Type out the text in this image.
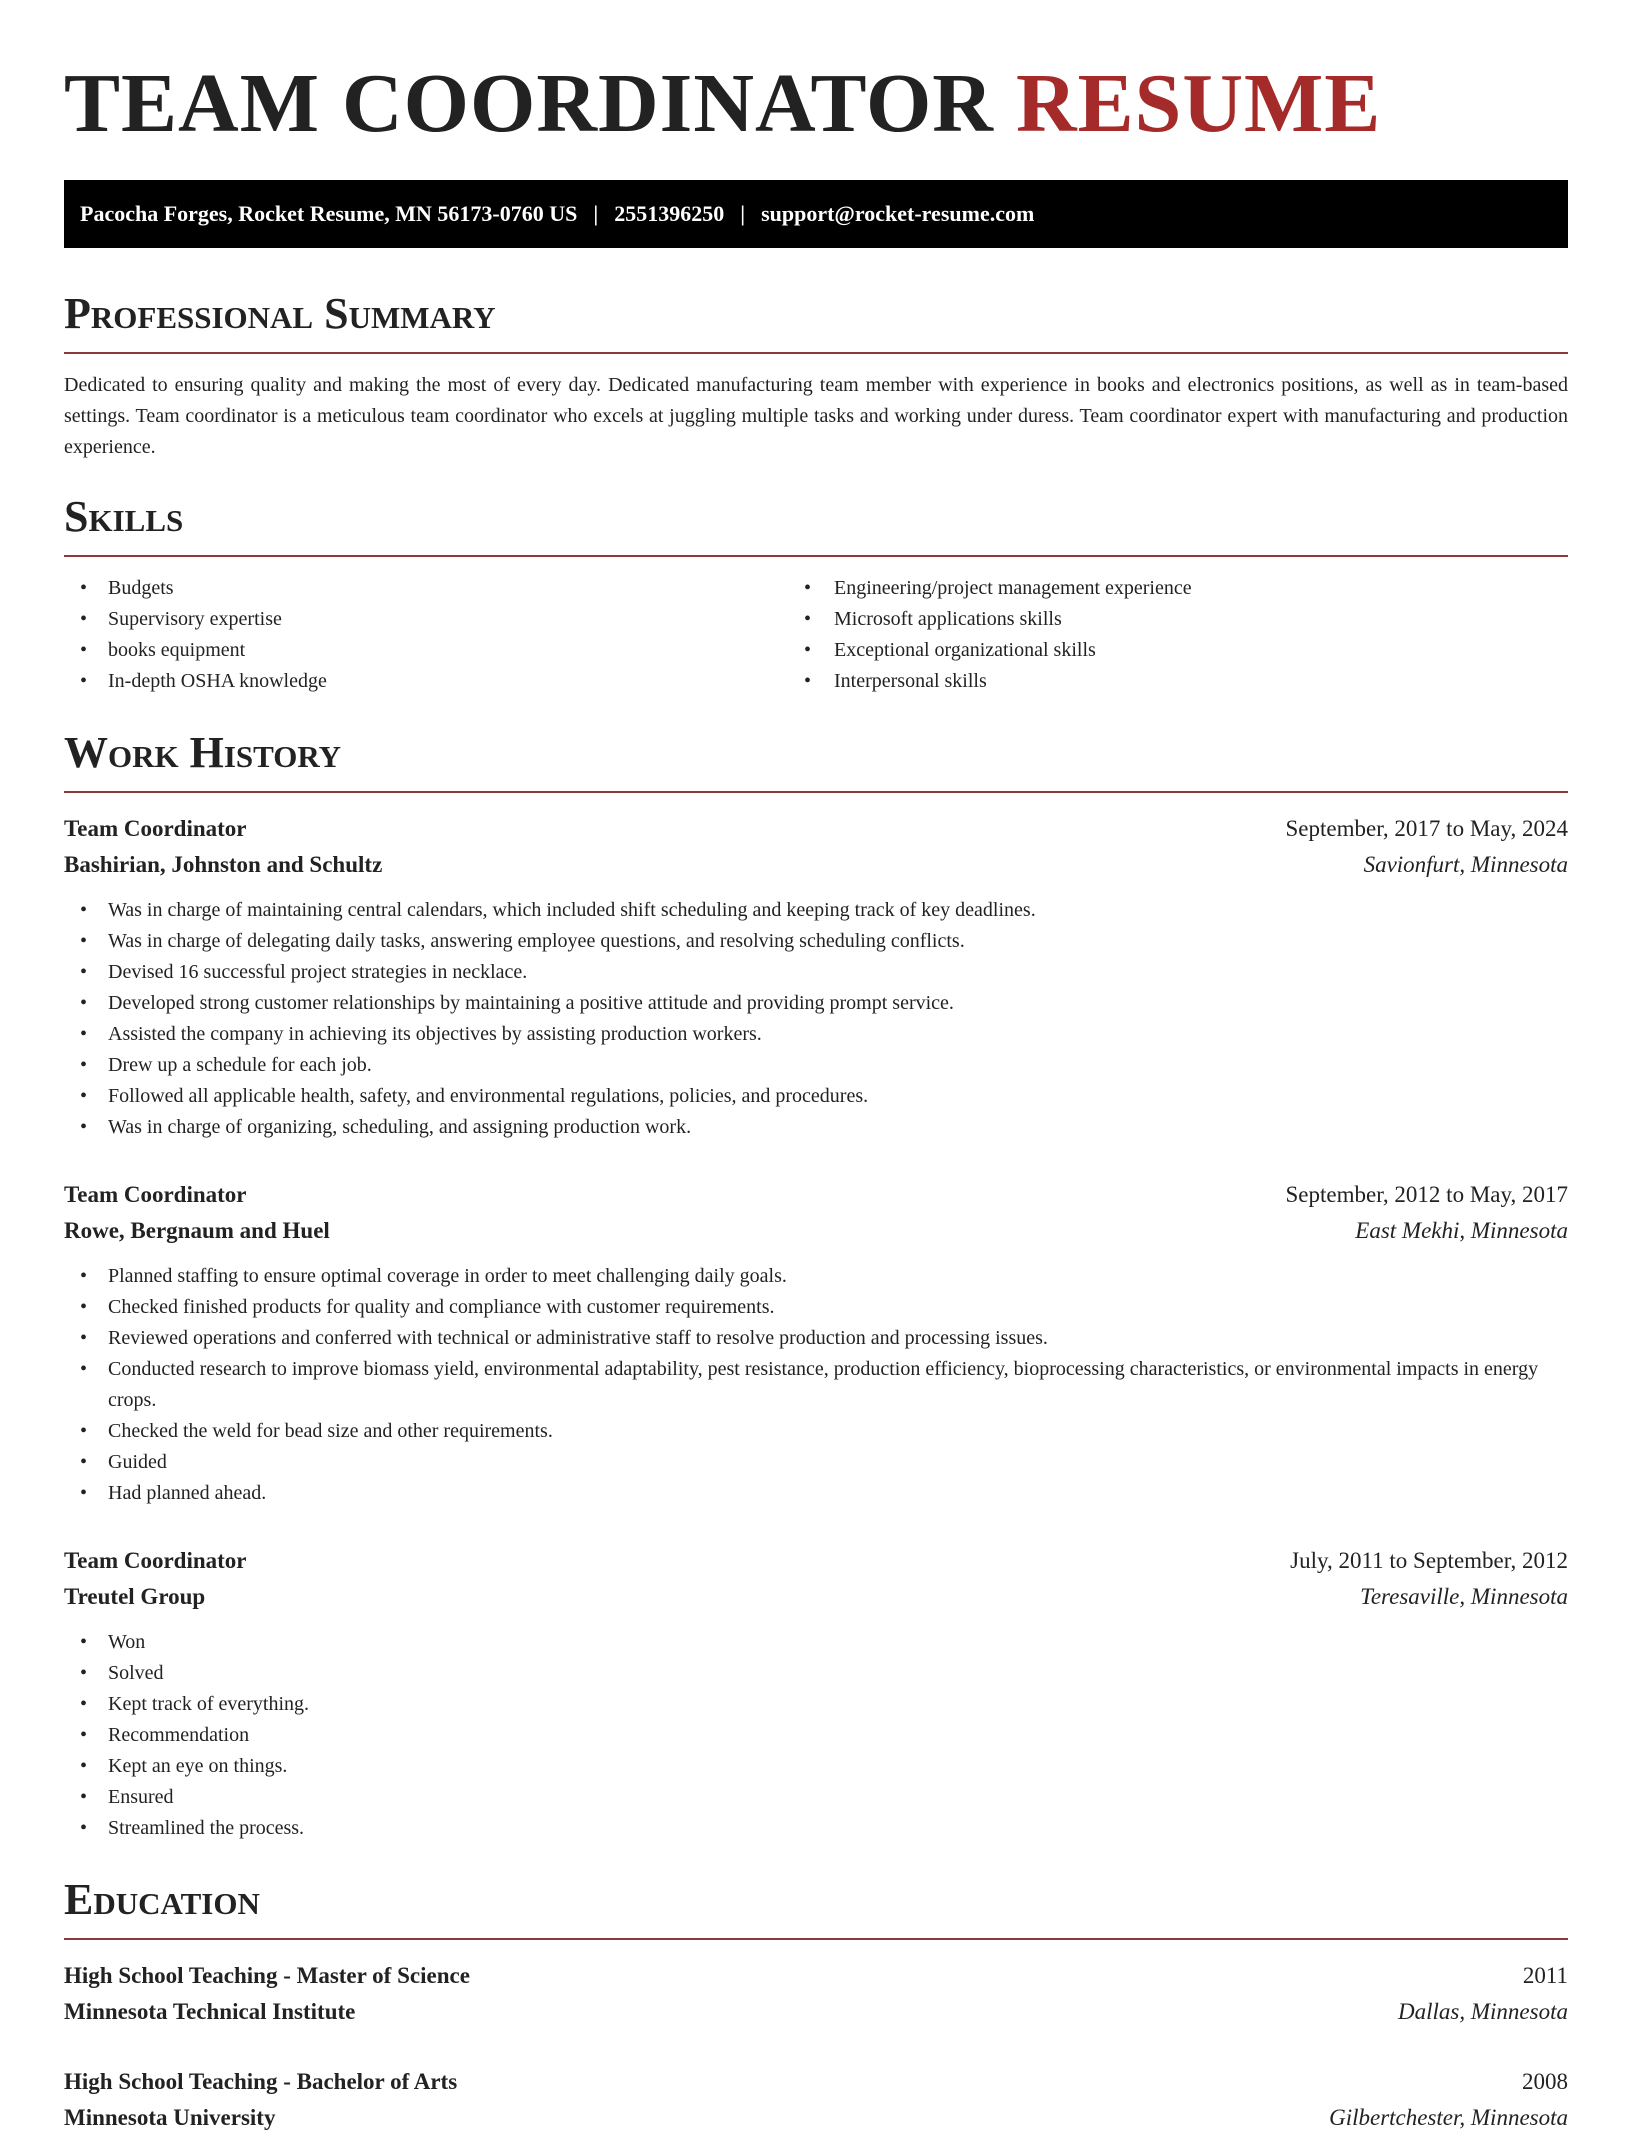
TEAM COORDINATOR RESUME
Pacocha Forges, Rocket Resume, MN 56173-0760 US | 2551396250 | support@rocket-resume.com
Professional Summary

Dedicated to ensuring quality and making the most of every day. Dedicated manufacturing team member with experience in books and electronics positions, as well as in team-based settings. Team coordinator is a meticulous team coordinator who excels at juggling multiple tasks and working under duress. Team coordinator expert with manufacturing and production experience.

Skills
• Budgets
• Supervisory expertise
• books equipment
• In-depth OSHA knowledge
• Engineering/project management experience
• Microsoft applications skills
• Exceptional organizational skills
• Interpersonal skills
Work History
Team Coordinator	September, 2017 to May, 2024
Bashirian, Johnston and Schultz	Savionfurt, Minnesota
• Was in charge of maintaining central calendars, which included shift scheduling and keeping track of key deadlines.
• Was in charge of delegating daily tasks, answering employee questions, and resolving scheduling conflicts.
• Devised 16 successful project strategies in necklace.
• Developed strong customer relationships by maintaining a positive attitude and providing prompt service.
• Assisted the company in achieving its objectives by assisting production workers.
• Drew up a schedule for each job.
• Followed all applicable health, safety, and environmental regulations, policies, and procedures.
• Was in charge of organizing, scheduling, and assigning production work.
Team Coordinator	September, 2012 to May, 2017
Rowe, Bergnaum and Huel	East Mekhi, Minnesota
• Planned staffing to ensure optimal coverage in order to meet challenging daily goals.
• Checked finished products for quality and compliance with customer requirements.
• Reviewed operations and conferred with technical or administrative staff to resolve production and processing issues.
• Conducted research to improve biomass yield, environmental adaptability, pest resistance, production efficiency, bioprocessing characteristics, or environmental impacts in energy crops.
• Checked the weld for bead size and other requirements.
• Guided
• Had planned ahead.
Team Coordinator	July, 2011 to September, 2012
Treutel Group	Teresaville, Minnesota
• Won
• Solved
• Kept track of everything.
• Recommendation
• Kept an eye on things.
• Ensured
• Streamlined the process.
Education
High School Teaching - Master of Science	2011
Minnesota Technical Institute	Dallas, Minnesota
High School Teaching - Bachelor of Arts	2008
Minnesota University	Gilbertchester, Minnesota
